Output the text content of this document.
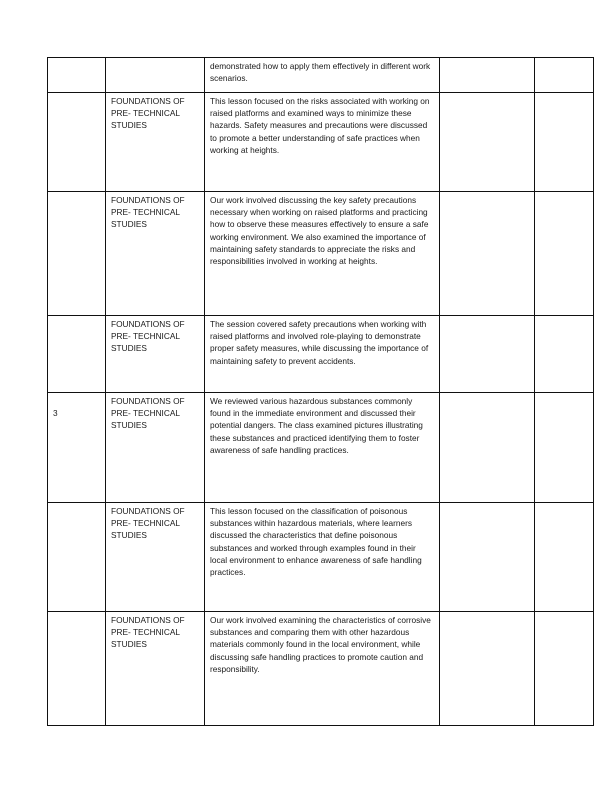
		demonstrated how to apply them effectively in different work scenarios.		

	FOUNDATIONS OF PRE- TECHNICAL STUDIES	This lesson focused on the risks associated with working on raised platforms and examined ways to minimize these hazards. Safety measures and precautions were discussed to promote a better understanding of safe practices when working at heights.		

	FOUNDATIONS OF PRE- TECHNICAL STUDIES	Our work involved discussing the key safety precautions necessary when working on raised platforms and practicing how to observe these measures effectively to ensure a safe working environment. We also examined the importance of maintaining safety standards to appreciate the risks and responsibilities involved in working at heights.		

	FOUNDATIONS OF PRE- TECHNICAL STUDIES	The session covered safety precautions when working with raised platforms and involved role-playing to demonstrate proper safety measures, while discussing the importance of maintaining safety to prevent accidents.		

3	FOUNDATIONS OF PRE- TECHNICAL STUDIES	We reviewed various hazardous substances commonly found in the immediate environment and discussed their potential dangers. The class examined pictures illustrating these substances and practiced identifying them to foster awareness of safe handling practices.		

	FOUNDATIONS OF PRE- TECHNICAL STUDIES	This lesson focused on the classification of poisonous substances within hazardous materials, where learners discussed the characteristics that define poisonous substances and worked through examples found in their local environment to enhance awareness of safe handling practices.		

	FOUNDATIONS OF PRE- TECHNICAL STUDIES	Our work involved examining the characteristics of corrosive substances and comparing them with other hazardous materials commonly found in the local environment, while discussing safe handling practices to promote caution and responsibility.		
